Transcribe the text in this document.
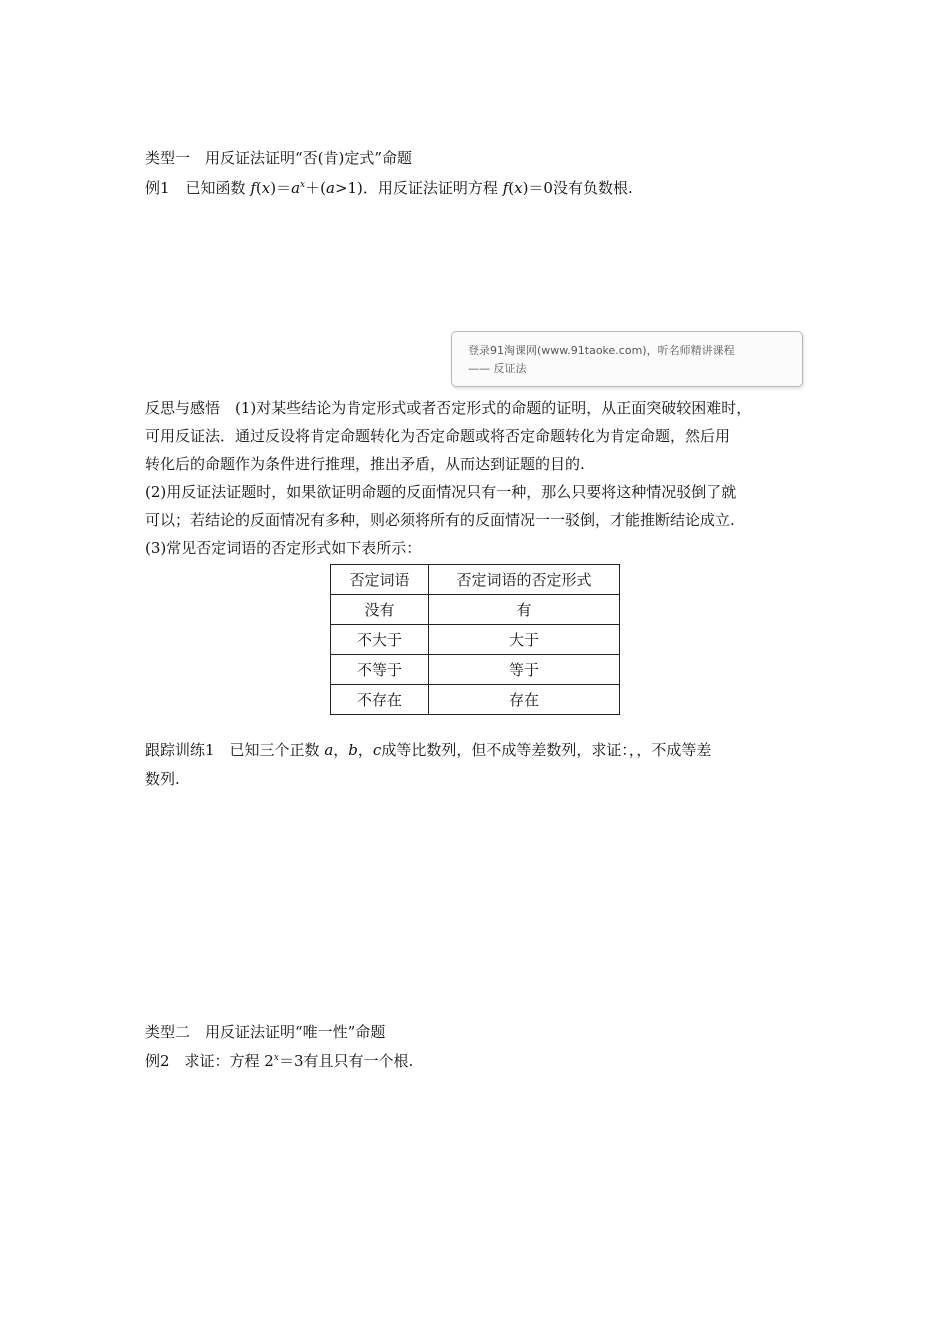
类型一　用反证法证明“否(肯)定式”命题
例1 已知函数 $f(x)=a^x+(a>1)$．用反证法证明方程 f(x)＝0没有负数根.
登录91淘课网(www.91taoke.com)，听名师精讲课程
—— 反证法
反思与感悟　(1)对某些结论为肯定形式或者否定形式的命题的证明，从正面突破较困难时，
可用反证法．通过反设将肯定命题转化为否定命题或将否定命题转化为肯定命题，然后用
转化后的命题作为条件进行推理，推出矛盾，从而达到证题的目的.
(2)用反证法证题时，如果欲证明命题的反面情况只有一种，那么只要将这种情况驳倒了就
可以；若结论的反面情况有多种，则必须将所有的反面情况一一驳倒，才能推断结论成立.
(3)常见否定词语的否定形式如下表所示：
否定词语	否定词语的否定形式
没有	有
不大于	大于
不等于	等于
不存在	存在
跟踪训练1　已知三个正数 a，b，c成等比数列，但不成等差数列，求证：，，不成等差
数列.
类型二　用反证法证明“唯一性”命题
例2　求证：方程 $2^x=3$有且只有一个根.
